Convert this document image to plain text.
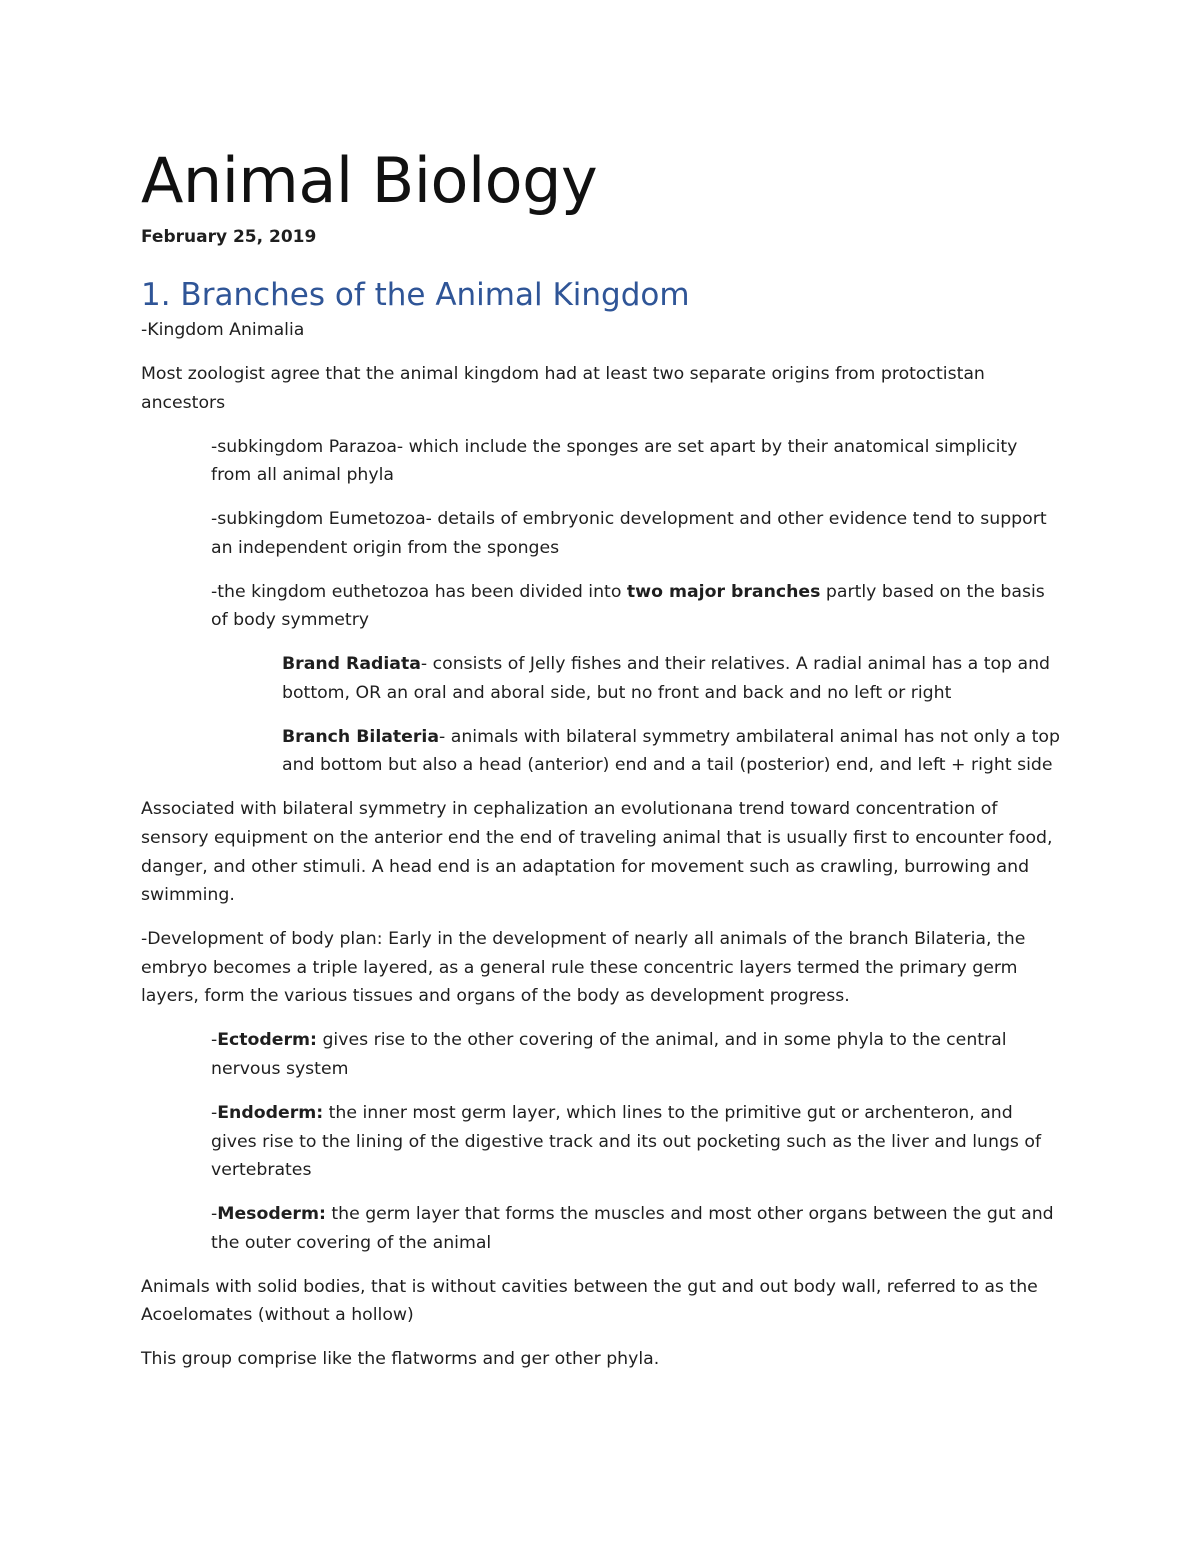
Animal Biology
February 25, 2019
1. Branches of the Animal Kingdom

-Kingdom Animalia

Most zoologist agree that the animal kingdom had at least two separate origins from protoctistan ancestors

-subkingdom Parazoa- which include the sponges are set apart by their anatomical simplicity from all animal phyla

-subkingdom Eumetozoa- details of embryonic development and other evidence tend to support an independent origin from the sponges

-the kingdom euthetozoa has been divided into two major branches partly based on the basis of body symmetry

Brand Radiata- consists of Jelly fishes and their relatives. A radial animal has a top and bottom, OR an oral and aboral side, but no front and back and no left or right

Branch Bilateria- animals with bilateral symmetry ambilateral animal has not only a top and bottom but also a head (anterior) end and a tail (posterior) end, and left + right side

Associated with bilateral symmetry in cephalization an evolutionana trend toward concentration of sensory equipment on the anterior end the end of traveling animal that is usually first to encounter food, danger, and other stimuli. A head end is an adaptation for movement such as crawling, burrowing and swimming.

-Development of body plan: Early in the development of nearly all animals of the branch Bilateria, the embryo becomes a triple layered, as a general rule these concentric layers termed the primary germ layers, form the various tissues and organs of the body as development progress.

-Ectoderm: gives rise to the other covering of the animal, and in some phyla to the central nervous system

-Endoderm: the inner most germ layer, which lines to the primitive gut or archenteron, and gives rise to the lining of the digestive track and its out pocketing such as the liver and lungs of vertebrates

-Mesoderm: the germ layer that forms the muscles and most other organs between the gut and the outer covering of the animal

Animals with solid bodies, that is without cavities between the gut and out body wall, referred to as the Acoelomates (without a hollow)

This group comprise like the flatworms and ger other phyla.
